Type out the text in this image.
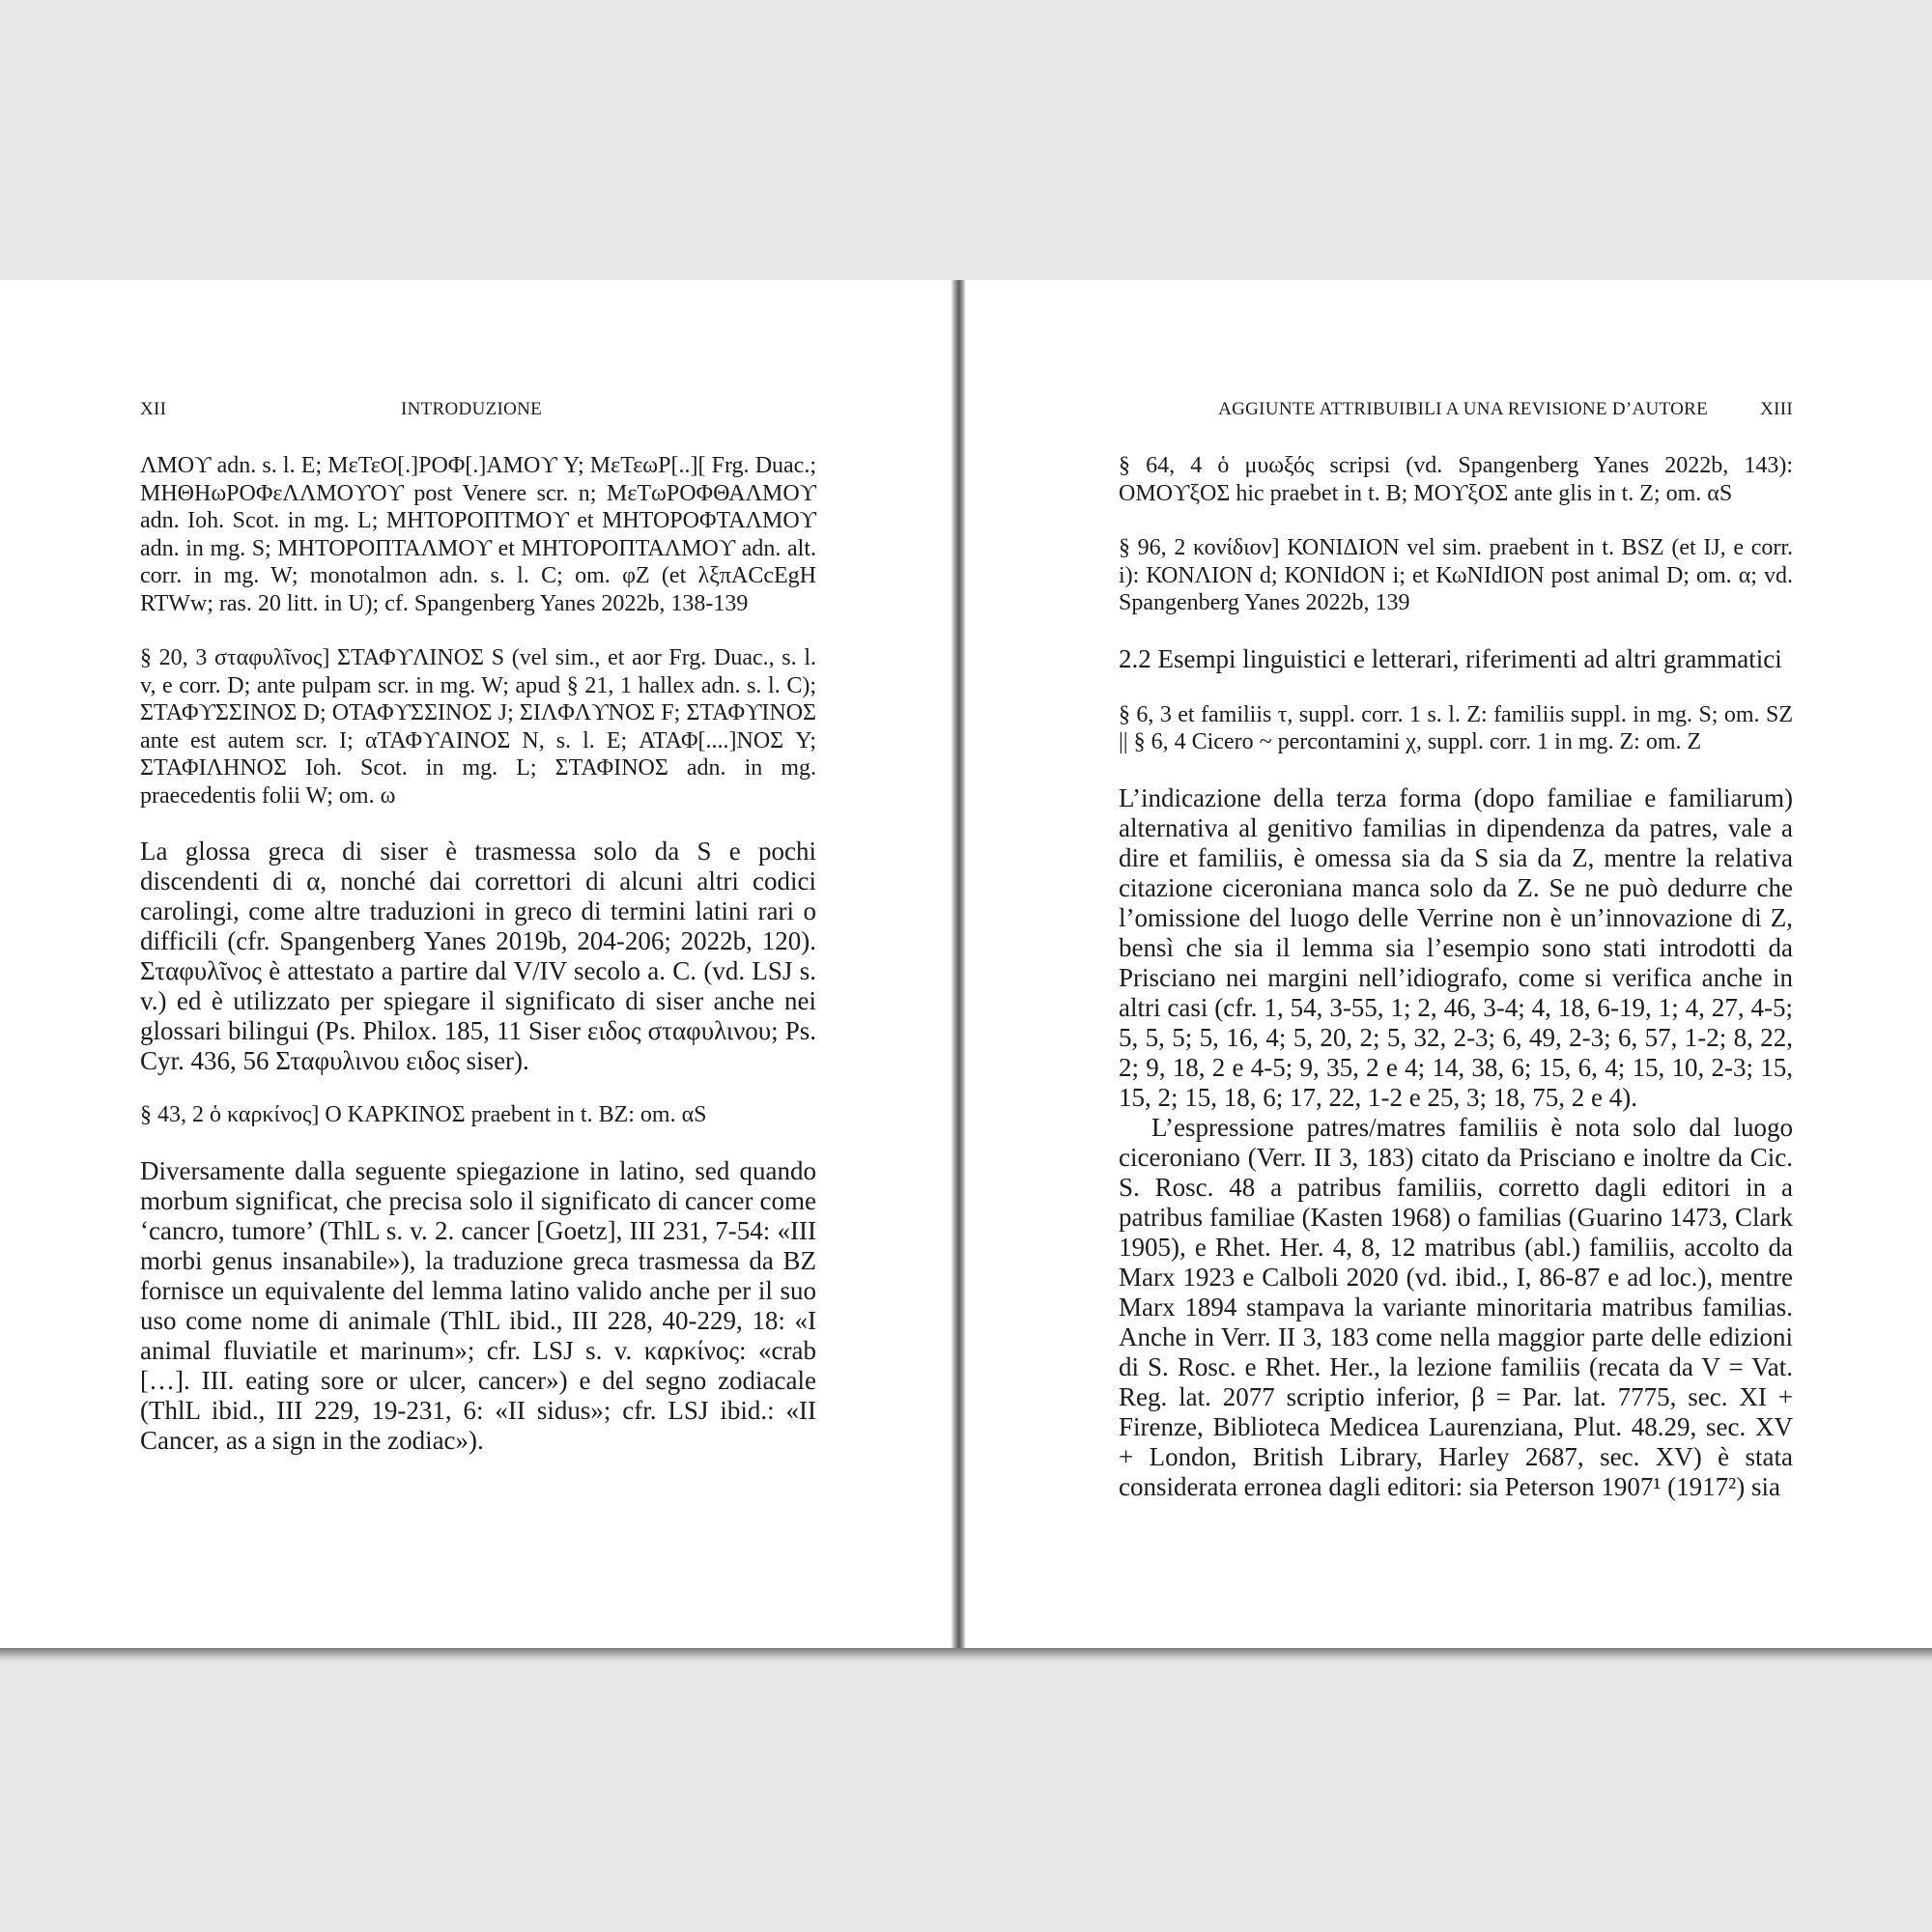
XII	INTRODUZIONE

ΛΜΟϒ adn. s. l. E; ΜεΤεΟ[.]ΡΟΦ[.]ΑΜΟϒ Y; ΜεΤεωΡ[..][ Frg. Duac.; ΜΗΘΗωΡΟΦεΛΛΜΟϒΟϒ post Venere scr. n; ΜεΤωΡΟΦΘΑΛΜΟϒ adn. Ioh. Scot. in mg. L; ΜΗΤΟΡΟΠΤΜΟϒ et ΜΗΤΟΡΟΦΤΑΛΜΟϒ adn. in mg. S; ΜΗΤΟΡΟΠΤΑΛΜΟϒ et ΜΗΤΟΡΟΠΤΑΛΜΟϒ adn. alt. corr. in mg. W; monotalmon adn. s. l. C; om. φZ (et λξπACcEgH RTWw; ras. 20 litt. in U); cf. Spangenberg Yanes 2022b, 138-139

§ 20, 3 σταφυλῖνος] ΣΤΑΦϒΛΙΝΟΣ S (vel sim., et aor Frg. Duac., s. l. v, e corr. D; ante pulpam scr. in mg. W; apud § 21, 1 hallex adn. s. l. C); ΣΤΑΦϒΣΣΙΝΟΣ D; ΟΤΑΦϒΣΣΙΝΟΣ J; ΣΙΛΦΛϒΝΟΣ F; ΣΤΑΦϒΙΝΟΣ ante est autem scr. I; αΤΑΦϒΑΙΝΟΣ N, s. l. E; ΑΤΑΦ[....]ΝΟΣ Y; ΣΤΑΦΙΛΗΝΟΣ Ioh. Scot. in mg. L; ΣΤΑΦΙΝΟΣ adn. in mg. praecedentis folii W; om. ω

La glossa greca di siser è trasmessa solo da S e pochi discendenti di α, nonché dai correttori di alcuni altri codici carolingi, come altre traduzioni in greco di termini latini rari o difficili (cfr. Spangenberg Yanes 2019b, 204-206; 2022b, 120). Σταφυλῖνος è attestato a partire dal V/IV secolo a. C. (vd. LSJ s. v.) ed è utilizzato per spiegare il significato di siser anche nei glossari bilingui (Ps. Philox. 185, 11 Siser ειδος σταφυλινου; Ps. Cyr. 436, 56 Σταφυλινου ειδος siser).

§ 43, 2 ὁ καρκίνος] Ο ΚΑΡΚΙΝΟΣ praebent in t. BZ: om. αS

Diversamente dalla seguente spiegazione in latino, sed quando morbum significat, che precisa solo il significato di cancer come ‘cancro, tumore’ (ThlL s. v. 2. cancer [Goetz], III 231, 7-54: «III morbi genus insanabile»), la traduzione greca trasmessa da BZ fornisce un equivalente del lemma latino valido anche per il suo uso come nome di animale (ThlL ibid., III 228, 40-229, 18: «I animal fluviatile et marinum»; cfr. LSJ s. v. καρκίνος: «crab […]. III. eating sore or ulcer, cancer») e del segno zodiacale (ThlL ibid., III 229, 19-231, 6: «II sidus»; cfr. LSJ ibid.: «II Cancer, as a sign in the zodiac»).

AGGIUNTE ATTRIBUIBILI A UNA REVISIONE D’AUTORE	XIII

§ 64, 4 ὁ μυωξός scripsi (vd. Spangenberg Yanes 2022b, 143): ΟΜΟϒξΟΣ hic praebet in t. B; ΜΟϒξΟΣ ante glis in t. Z; om. αS

§ 96, 2 κονίδιον] ΚΟΝΙΔΙΟΝ vel sim. praebent in t. BSZ (et IJ, e corr. i): ΚΟΝΛΙΟΝ d; ΚΟΝΙdΟΝ i; et ΚωΝΙdΙΟΝ post animal D; om. α; vd. Spangenberg Yanes 2022b, 139

2.2 Esempi linguistici e letterari, riferimenti ad altri grammatici

§ 6, 3 et familiis τ, suppl. corr. 1 s. l. Z: familiis suppl. in mg. S; om. SZ || § 6, 4 Cicero ~ percontamini χ, suppl. corr. 1 in mg. Z: om. Z

L’indicazione della terza forma (dopo familiae e familiarum) alternativa al genitivo familias in dipendenza da patres, vale a dire et familiis, è omessa sia da S sia da Z, mentre la relativa citazione ciceroniana manca solo da Z. Se ne può dedurre che l’omissione del luogo delle Verrine non è un’innovazione di Z, bensì che sia il lemma sia l’esempio sono stati introdotti da Prisciano nei margini nell’idiografo, come si verifica anche in altri casi (cfr. 1, 54, 3-55, 1; 2, 46, 3-4; 4, 18, 6-19, 1; 4, 27, 4-5; 5, 5, 5; 5, 16, 4; 5, 20, 2; 5, 32, 2-3; 6, 49, 2-3; 6, 57, 1-2; 8, 22, 2; 9, 18, 2 e 4-5; 9, 35, 2 e 4; 14, 38, 6; 15, 6, 4; 15, 10, 2-3; 15, 15, 2; 15, 18, 6; 17, 22, 1-2 e 25, 3; 18, 75, 2 e 4).

L’espressione patres/matres familiis è nota solo dal luogo ciceroniano (Verr. II 3, 183) citato da Prisciano e inoltre da Cic. S. Rosc. 48 a patribus familiis, corretto dagli editori in a patribus familiae (Kasten 1968) o familias (Guarino 1473, Clark 1905), e Rhet. Her. 4, 8, 12 matribus (abl.) familiis, accolto da Marx 1923 e Calboli 2020 (vd. ibid., I, 86-87 e ad loc.), mentre Marx 1894 stampava la variante minoritaria matribus familias. Anche in Verr. II 3, 183 come nella maggior parte delle edizioni di S. Rosc. e Rhet. Her., la lezione familiis (recata da V = Vat. Reg. lat. 2077 scriptio inferior, β = Par. lat. 7775, sec. XI + Firenze, Biblioteca Medicea Laurenziana, Plut. 48.29, sec. XV + London, British Library, Harley 2687, sec. XV) è stata considerata erronea dagli editori: sia Peterson 1907¹ (1917²) sia
